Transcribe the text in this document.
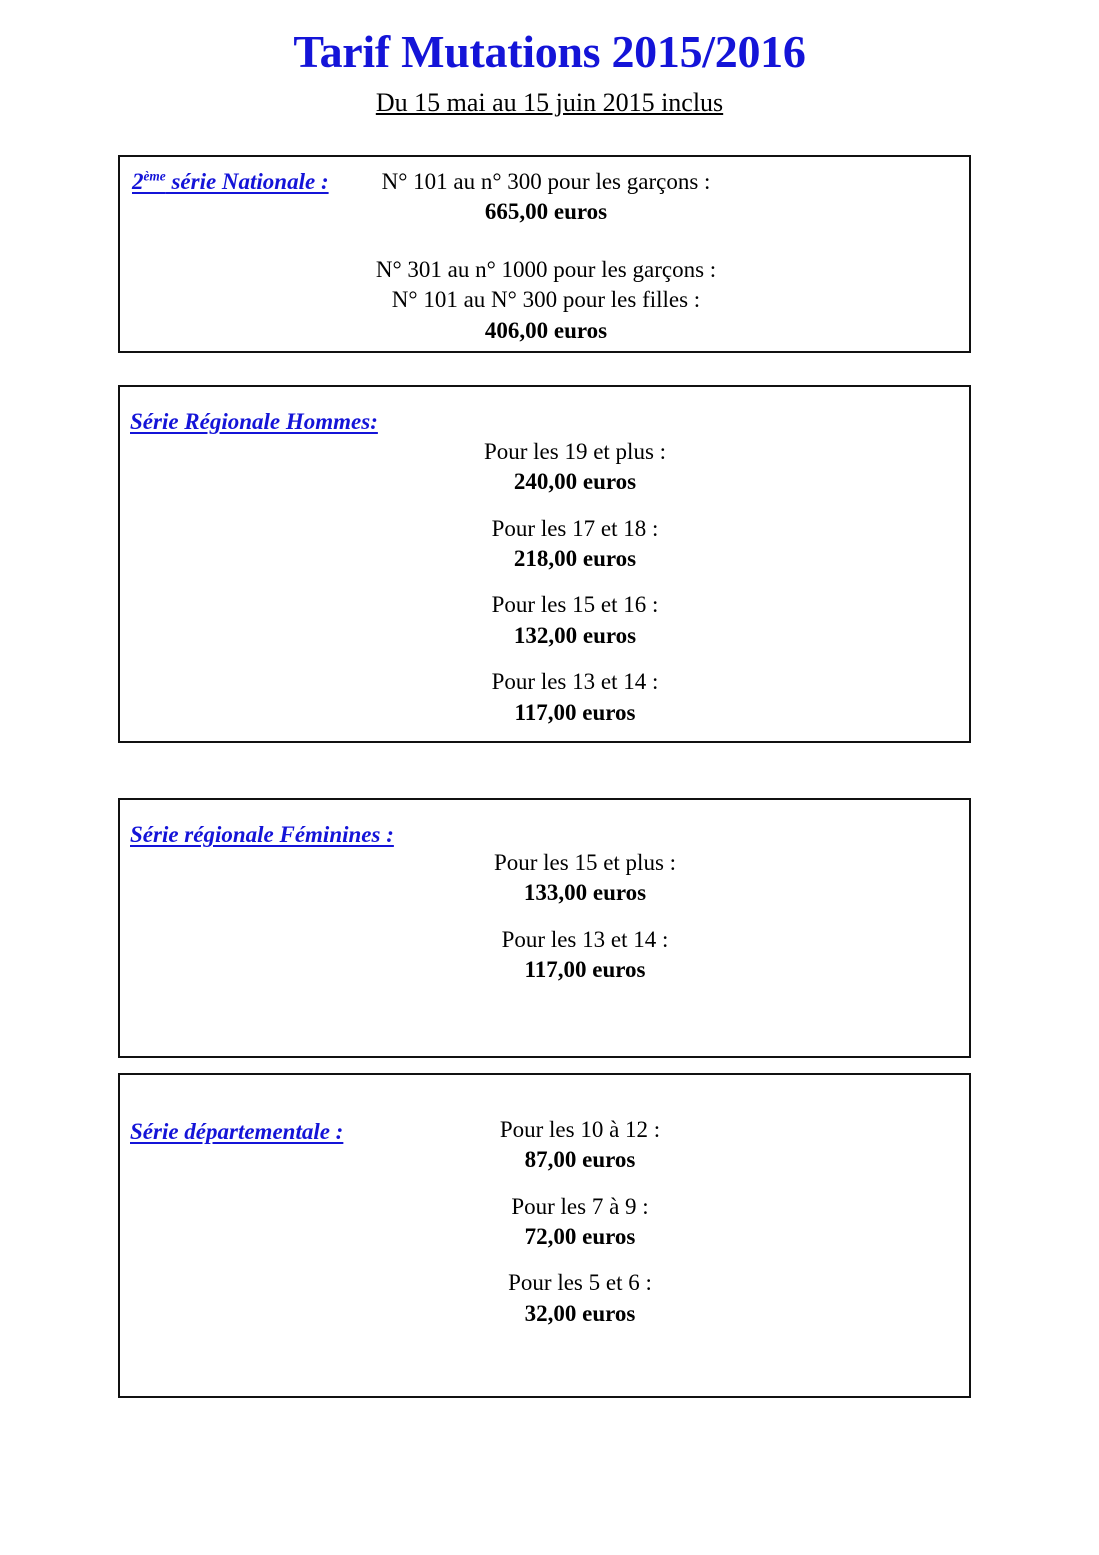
Tarif Mutations 2015/2016
Du 15 mai au 15 juin 2015 inclus
2ème série Nationale :	N° 101 au n° 300 pour les garçons :
665,00 euros
N° 301 au n° 1000 pour les garçons :
N° 101 au N° 300 pour les filles :
406,00 euros
Série Régionale Hommes:
Pour les 19 et plus :
240,00 euros
Pour les 17 et 18 :
218,00 euros
Pour les 15 et 16 :
132,00 euros
Pour les 13 et 14 :
117,00 euros
Série régionale Féminines :
Pour les 15 et plus :
133,00 euros
Pour les 13 et 14 :
117,00 euros
Série départementale :	Pour les 10 à 12 :
87,00 euros
Pour les 7 à 9 :
72,00 euros
Pour les 5 et 6 :
32,00 euros
